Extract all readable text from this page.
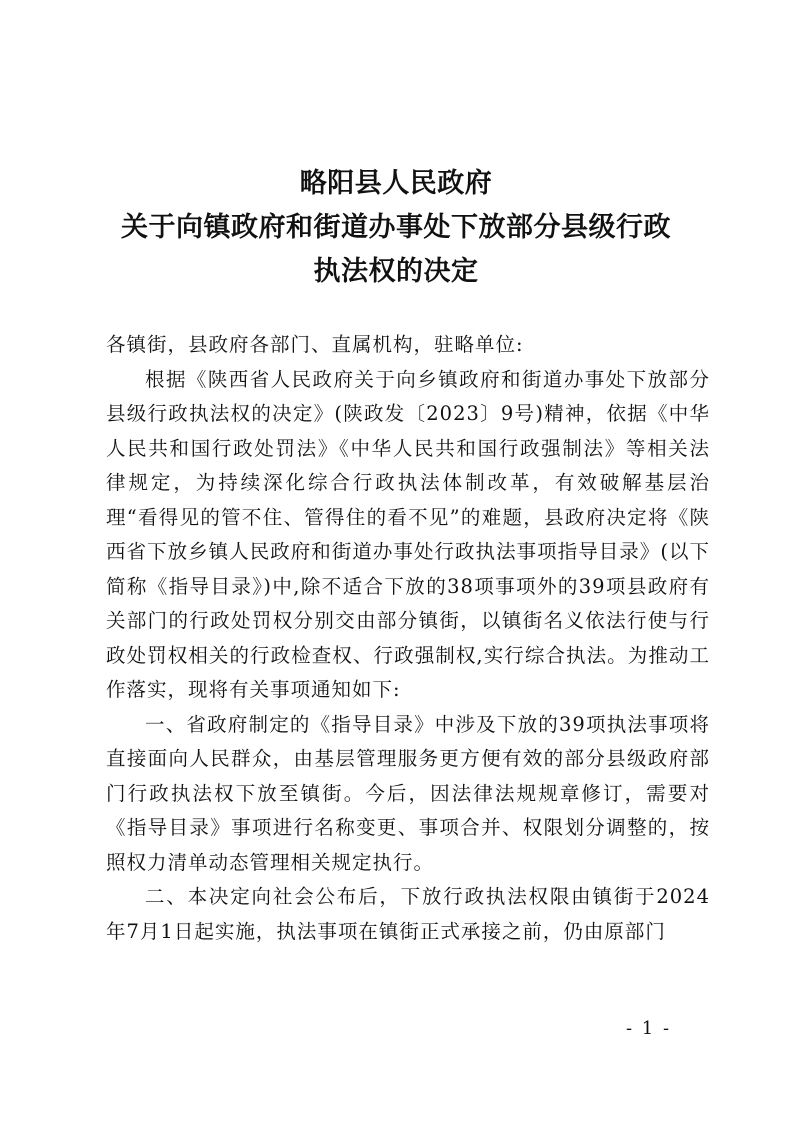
略阳县人民政府
关于向镇政府和街道办事处下放部分县级行政
执法权的决定

各镇街，县政府各部门、直属机构，驻略单位:

根据《陕西省人民政府关于向乡镇政府和街道办事处下放部分县级行政执法权的决定》(陕政发〔2023〕9号)精神，依据《中华人民共和国行政处罚法》《中华人民共和国行政强制法》等相关法律规定，为持续深化综合行政执法体制改革，有效破解基层治理“看得见的管不住、管得住的看不见”的难题，县政府决定将《陕西省下放乡镇人民政府和街道办事处行政执法事项指导目录》(以下简称《指导目录》)中,除不适合下放的38项事项外的39项县政府有关部门的行政处罚权分别交由部分镇街，以镇街名义依法行使与行政处罚权相关的行政检查权、行政强制权,实行综合执法。为推动工作落实，现将有关事项通知如下:

一、省政府制定的《指导目录》中涉及下放的39项执法事项将直接面向人民群众，由基层管理服务更方便有效的部分县级政府部门行政执法权下放至镇街。今后，因法律法规规章修订，需要对《指导目录》事项进行名称变更、事项合并、权限划分调整的，按照权力清单动态管理相关规定执行。

二、本决定向社会公布后，下放行政执法权限由镇街于2024年7月1日起实施，执法事项在镇街正式承接之前，仍由原部门

- 1 -
